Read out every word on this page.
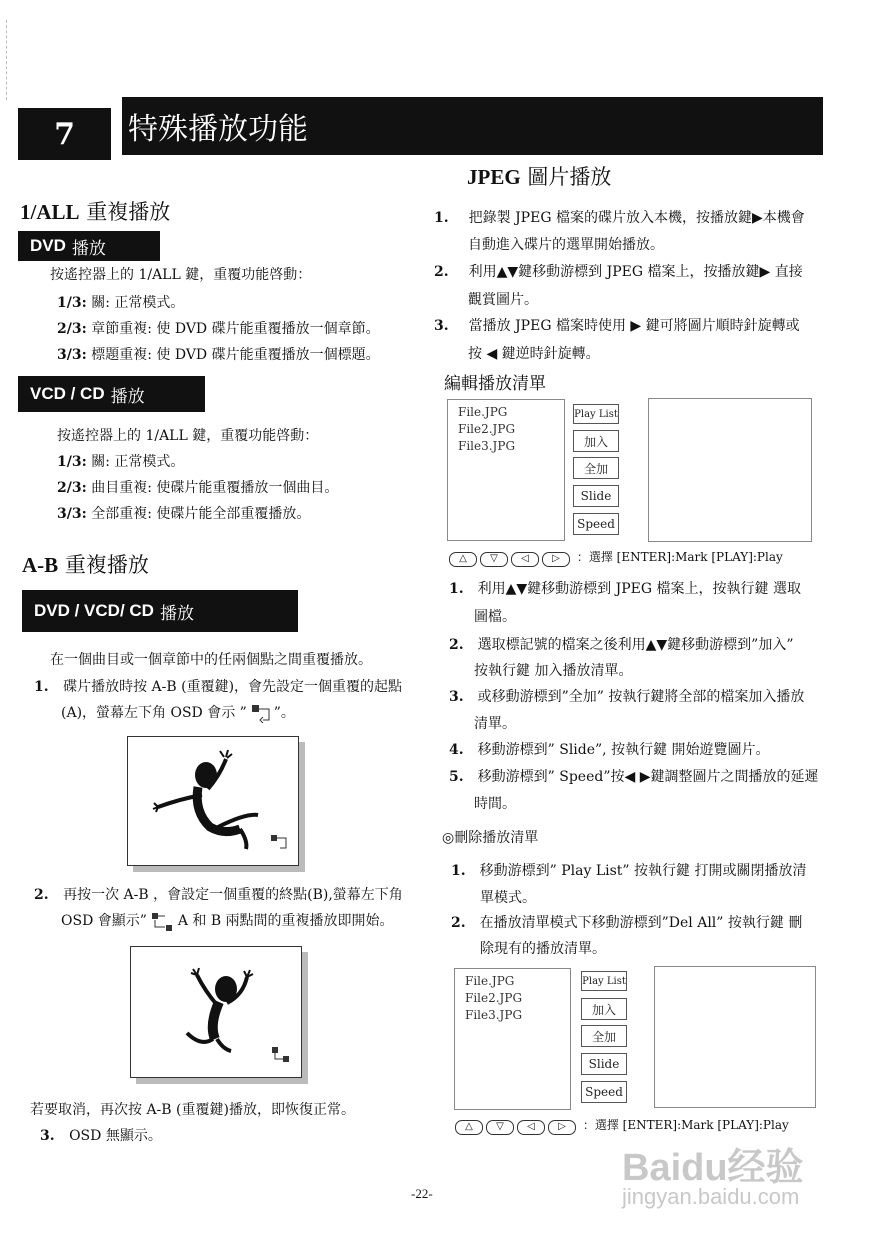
7	特殊播放功能
1/ALL 重複播放
DVD 播放
按遙控器上的 1/ALL 鍵，重覆功能啓動：
1/3: 關: 正常模式。
2/3: 章節重複: 使 DVD 碟片能重覆播放一個章節。
3/3: 標題重複: 使 DVD 碟片能重覆播放一個標題。
VCD / CD 播放
按遙控器上的 1/ALL 鍵，重覆功能啓動：
1/3: 關: 正常模式。
2/3: 曲目重複: 使碟片能重覆播放一個曲目。
3/3: 全部重複: 使碟片能全部重覆播放。
A-B 重複播放
DVD / VCD/ CD 播放
在一個曲目或一個章節中的任兩個點之間重覆播放。
1. 碟片播放時按 A-B (重覆鍵)，會先設定一個重覆的起點
(A)，螢幕左下角 OSD 會示 ” ”。
2. 再按一次 A-B ，會設定一個重覆的終點(B),螢幕左下角
OSD 會顯示” A 和 B 兩點間的重複播放即開始。
若要取消，再次按 A-B (重覆鍵)播放，即恢復正常。
3. OSD 無顯示。
JPEG 圖片播放
1. 把錄製 JPEG 檔案的碟片放入本機，按播放鍵▶本機會
自動進入碟片的選單開始播放。
2. 利用▲▼鍵移動游標到 JPEG 檔案上，按播放鍵▶ 直接
觀賞圖片。
3. 當播放 JPEG 檔案時使用 ▶ 鍵可將圖片順時針旋轉或
按 ◀ 鍵逆時針旋轉。
編輯播放清單
File.JPG
File2.JPG
File3.JPG
Play List
加入
全加
Slide
Speed
△ ▽ ◁ ▷ ：選擇 [ENTER]:Mark [PLAY]:Play
1. 利用▲▼鍵移動游標到 JPEG 檔案上，按執行鍵 選取
圖檔。
2. 選取標記號的檔案之後利用▲▼鍵移動游標到”加入”
按執行鍵 加入播放清單。
3. 或移動游標到”全加” 按執行鍵將全部的檔案加入播放
清單。
4. 移動游標到” Slide”, 按執行鍵 開始遊覽圖片。
5. 移動游標到” Speed”按◀ ▶鍵調整圖片之間播放的延遲
時間。
◎刪除播放清單
1. 移動游標到” Play List” 按執行鍵 打開或關閉播放清
單模式。
2. 在播放清單模式下移動游標到”Del All” 按執行鍵 刪
除現有的播放清單。
File.JPG
File2.JPG
File3.JPG
Play List
加入
全加
Slide
Speed
△ ▽ ◁ ▷ ：選擇 [ENTER]:Mark [PLAY]:Play
-22-
Baidu经验
jingyan.baidu.com
